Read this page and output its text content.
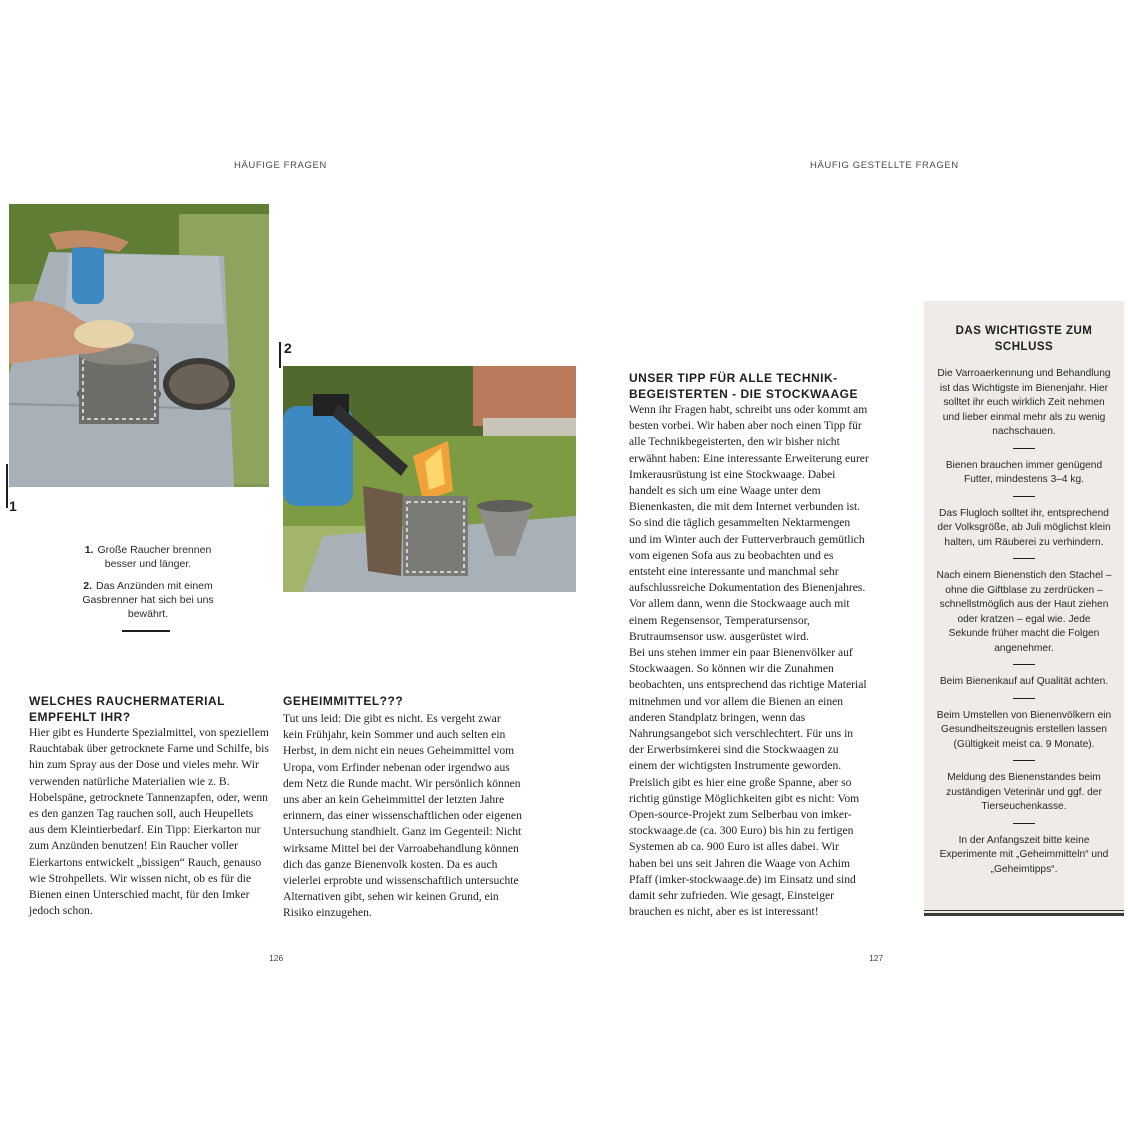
HÄUFIGE FRAGEN	HÄUFIG GESTELLTE FRAGEN
1
2
1. Große Raucher brennen besser und länger.
2. Das Anzünden mit einem Gasbrenner hat sich bei uns bewährt.
WELCHES RAUCHERMATERIAL EMPFEHLT IHR?
Hier gibt es Hunderte Spezialmittel, von speziellem Rauchtabak über getrocknete Farne und Schilfe, bis hin zum Spray aus der Dose und vieles mehr. Wir verwenden natürliche Materialien wie z. B. Hobelspäne, getrocknete Tannenzapfen, oder, wenn es den ganzen Tag rauchen soll, auch Heupellets aus dem Kleintierbedarf. Ein Tipp: Eierkarton nur zum Anzünden benutzen! Ein Raucher voller Eierkartons entwickelt „bissigen“ Rauch, genauso wie Strohpellets. Wir wissen nicht, ob es für die Bienen einen Unterschied macht, für den Imker jedoch schon.
GEHEIMMITTEL???
Tut uns leid: Die gibt es nicht. Es vergeht zwar kein Frühjahr, kein Sommer und auch selten ein Herbst, in dem nicht ein neues Geheimmittel vom Uropa, vom Erfinder nebenan oder irgendwo aus dem Netz die Runde macht. Wir persönlich können uns aber an kein Geheimmittel der letzten Jahre erinnern, das einer wissenschaftlichen oder eigenen Untersuchung standhielt. Ganz im Gegenteil: Nicht wirksame Mittel bei der Varroabehandlung können dich das ganze Bienenvolk kosten. Da es auch vielerlei erprobte und wissenschaftlich untersuchte Alternativen gibt, sehen wir keinen Grund, ein Risiko einzugehen.
UNSER TIPP FÜR ALLE TECHNIK-BEGEISTERTEN - DIE STOCKWAAGE
Wenn ihr Fragen habt, schreibt uns oder kommt am besten vorbei. Wir haben aber noch einen Tipp für alle Technikbegeisterten, den wir bisher nicht erwähnt haben: Eine interessante Erweiterung eurer Imkerausrüstung ist eine Stockwaage. Dabei handelt es sich um eine Waage unter dem Bienenkasten, die mit dem Internet verbunden ist. So sind die täglich gesammelten Nektarmengen und im Winter auch der Futterverbrauch gemütlich vom eigenen Sofa aus zu beobachten und es entsteht eine interessante und manchmal sehr aufschlussreiche Dokumentation des Bienenjahres. Vor allem dann, wenn die Stockwaage auch mit einem Regensensor, Temperatursensor, Brutraumsensor usw. ausgerüstet wird.
Bei uns stehen immer ein paar Bienenvölker auf Stockwaagen. So können wir die Zunahmen beobachten, uns entsprechend das richtige Material mitnehmen und vor allem die Bienen an einen anderen Standplatz bringen, wenn das Nahrungsangebot sich verschlechtert. Für uns in der Erwerbsimkerei sind die Stockwaagen zu einem der wichtigsten Instrumente geworden.
Preislich gibt es hier eine große Spanne, aber so richtig günstige Möglichkeiten gibt es nicht: Vom Open-source-Projekt zum Selberbau von imker-stockwaage.de (ca. 300 Euro) bis hin zu fertigen Systemen ab ca. 900 Euro ist alles dabei. Wir haben bei uns seit Jahren die Waage von Achim Pfaff (imker-stockwaage.de) im Einsatz und sind damit sehr zufrieden. Wie gesagt, Einsteiger brauchen es nicht, aber es ist interessant!
DAS WICHTIGSTE ZUM SCHLUSS
Die Varroaerkennung und Behandlung ist das Wichtigste im Bienenjahr. Hier solltet ihr euch wirklich Zeit nehmen und lieber einmal mehr als zu wenig nachschauen.
Bienen brauchen immer genügend Futter, mindestens 3–4 kg.
Das Flugloch solltet ihr, entsprechend der Volksgröße, ab Juli möglichst klein halten, um Räuberei zu verhindern.
Nach einem Bienenstich den Stachel – ohne die Giftblase zu zerdrücken – schnellstmöglich aus der Haut ziehen oder kratzen – egal wie. Jede Sekunde früher macht die Folgen angenehmer.
Beim Bienenkauf auf Qualität achten.
Beim Umstellen von Bienenvölkern ein Gesundheitszeugnis erstellen lassen (Gültigkeit meist ca. 9 Monate).
Meldung des Bienenstandes beim zuständigen Veterinär und ggf. der Tierseuchenkasse.
In der Anfangszeit bitte keine Experimente mit „Geheimmitteln“ und „Geheimtipps“.
126	127
